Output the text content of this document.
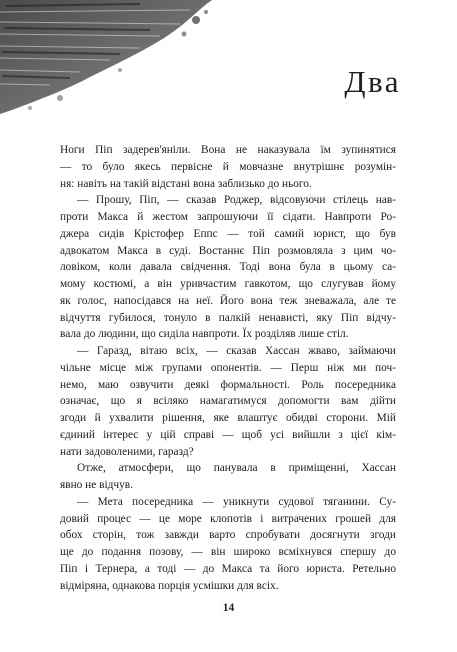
Два
Ноги Піп задерев'яніли. Вона не наказувала їм зупинятися
— то було якесь первісне й мовчазне внутрішнє розумін-
ня: навіть на такій відстані вона заблизько до нього.
— Прошу, Піп, — сказав Роджер, відсовуючи стілець нав-
проти Макса й жестом запрошуючи її сідати. Навпроти Ро-
джера сидів Крістофер Еппс — той самий юрист, що був
адвокатом Макса в суді. Востаннє Піп розмовляла з цим чо-
ловіком, коли давала свідчення. Тоді вона була в цьому са-
мому костюмі, а він уривчастим гавкотом, що слугував йому
як голос, напосідався на неї. Його вона теж зневажала, але те
відчуття губилося, тонуло в палкій ненависті, яку Піп відчу-
вала до людини, що сиділа навпроти. Їх розділяв лише стіл.
— Гаразд, вітаю всіх, — сказав Хассан жваво, займаючи
чільне місце між групами опонентів. — Перш ніж ми поч-
немо, маю озвучити деякі формальності. Роль посередника
означає, що я всіляко намагатимуся допомогти вам дійти
згоди й ухвалити рішення, яке влаштує обидві сторони. Мій
єдиний інтерес у цій справі — щоб усі вийшли з цієї кім-
нати задоволеними, гаразд?
Отже, атмосфери, що панувала в приміщенні, Хассан
явно не відчув.
— Мета посередника — уникнути судової тяганини. Су-
довий процес — це море клопотів і витрачених грошей для
обох сторін, тож завжди варто спробувати досягнути згоди
ще до подання позову, — він широко всміхнувся спершу до
Піп і Тернера, а тоді — до Макса та його юриста. Ретельно
відміряна, однакова порція усмішки для всіх.
14
